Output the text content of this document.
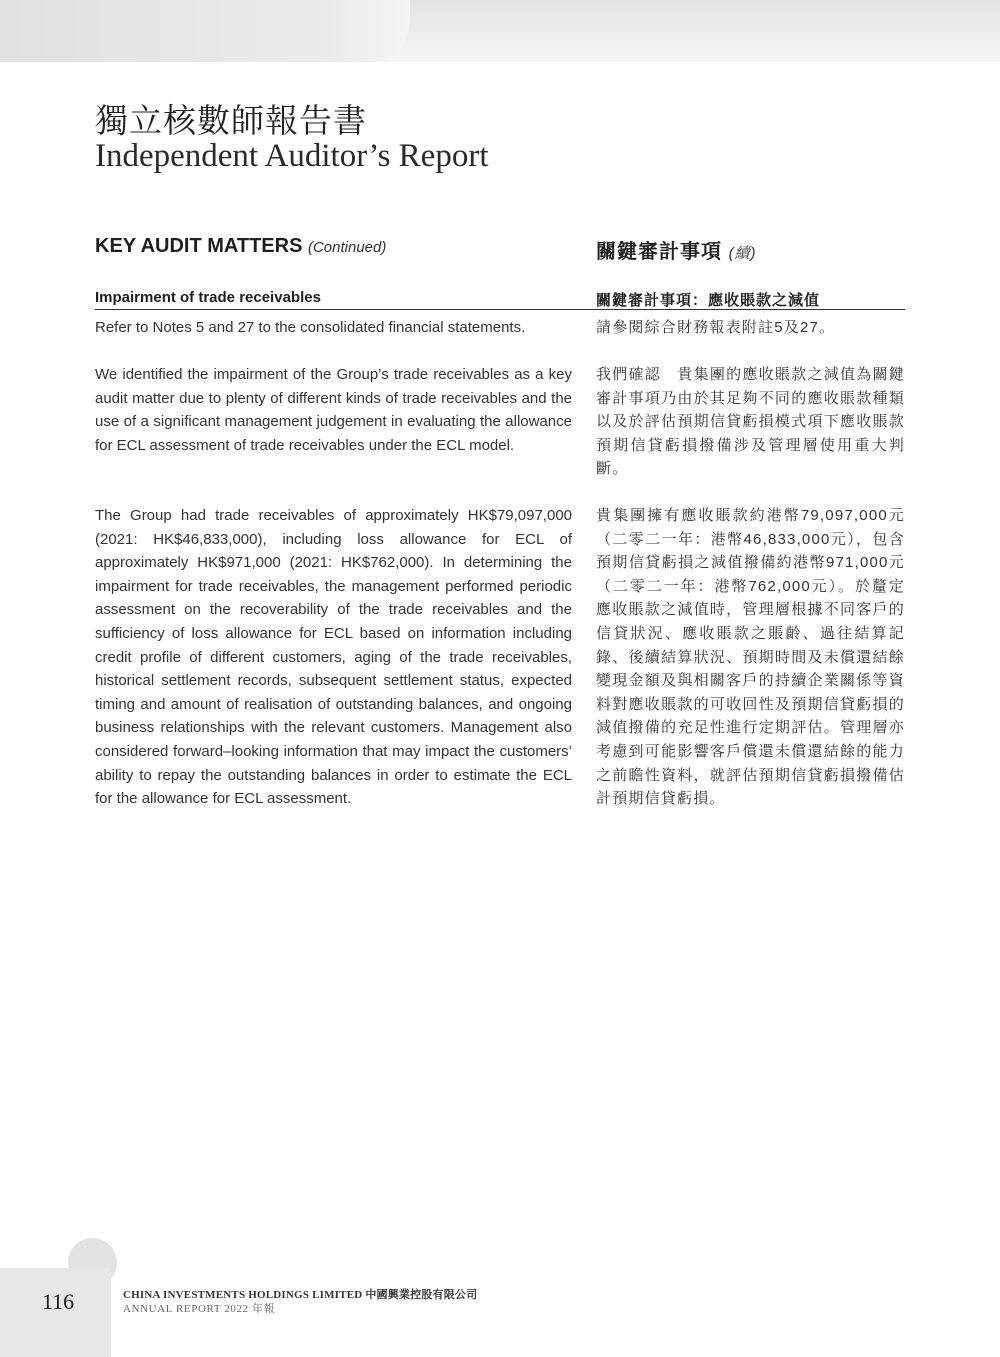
獨立核數師報告書
Independent Auditor’s Report
KEY AUDIT MATTERS (Continued)	關鍵審計事項 (續)
Impairment of trade receivables	關鍵審計事項：應收賬款之減值
Refer to Notes 5 and 27 to the consolidated financial statements.
We identified the impairment of the Group’s trade receivables as a key audit matter due to plenty of different kinds of trade receivables and the use of a significant management judgement in evaluating the allowance for ECL assessment of trade receivables under the ECL model.
The Group had trade receivables of approximately HK$79,097,000 (2021: HK$46,833,000), including loss allowance for ECL of approximately HK$971,000 (2021: HK$762,000). In determining the impairment for trade receivables, the management performed periodic assessment on the recoverability of the trade receivables and the sufficiency of loss allowance for ECL based on information including credit profile of different customers, aging of the trade receivables, historical settlement records, subsequent settlement status, expected timing and amount of realisation of outstanding balances, and ongoing business relationships with the relevant customers. Management also considered forward–looking information that may impact the customers’ ability to repay the outstanding balances in order to estimate the ECL for the allowance for ECL assessment.
請參閱綜合財務報表附註5及27。
我們確認　貴集團的應收賬款之減值為關鍵審計事項乃由於其足夠不同的應收賬款種類以及於評估預期信貸虧損模式項下應收賬款預期信貸虧損撥備涉及管理層使用重大判斷。
貴集團擁有應收賬款約港幣79,097,000元（二零二一年：港幣46,833,000元），包含預期信貸虧損之減值撥備約港幣971,000元（二零二一年：港幣762,000元）。於釐定應收賬款之減值時，管理層根據不同客戶的信貸狀況、應收賬款之賬齡、過往結算記錄、後續結算狀況、預期時間及未償還結餘變現金額及與相關客戶的持續企業關係等資料對應收賬款的可收回性及預期信貸虧損的減值撥備的充足性進行定期評估。管理層亦考慮到可能影響客戶償還未償還結餘的能力之前瞻性資料，就評估預期信貸虧損撥備估計預期信貸虧損。
116	CHINA INVESTMENTS HOLDINGS LIMITED 中國興業控股有限公司
ANNUAL REPORT 2022 年報
